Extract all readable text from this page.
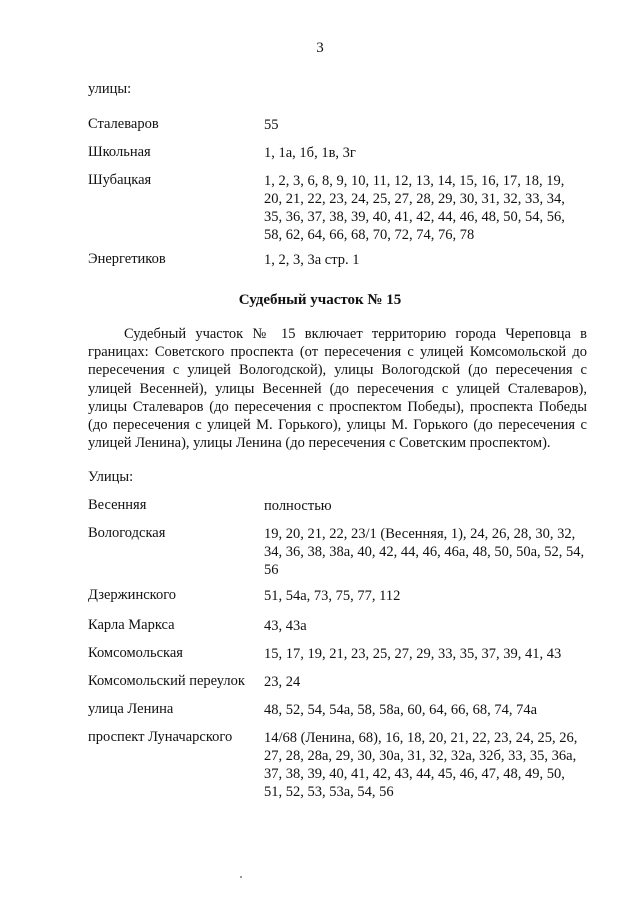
3
улицы:
Сталеваров	55
Школьная	1, 1а, 1б, 1в, 3г
Шубацкая	1, 2, 3, 6, 8, 9, 10, 11, 12, 13, 14, 15, 16, 17, 18, 19, 20, 21, 22, 23, 24, 25, 27, 28, 29, 30, 31, 32, 33, 34, 35, 36, 37, 38, 39, 40, 41, 42, 44, 46, 48, 50, 54, 56, 58, 62, 64, 66, 68, 70, 72, 74, 76, 78
Энергетиков	1, 2, 3, 3а стр. 1
Судебный участок № 15
Судебный участок № 15 включает территорию города Череповца в границах: Советского проспекта (от пересечения с улицей Комсомольской до пересечения с улицей Вологодской), улицы Вологодской (до пересечения с улицей Весенней), улицы Весенней (до пересечения с улицей Сталеваров), улицы Сталеваров (до пересечения с проспектом Победы), проспекта Победы (до пересечения с улицей М. Горького), улицы М. Горького (до пересечения с улицей Ленина), улицы Ленина (до пересечения с Советским проспектом).
Улицы:
Весенняя	полностью
Вологодская	19, 20, 21, 22, 23/1 (Весенняя, 1), 24, 26, 28, 30, 32, 34, 36, 38, 38а, 40, 42, 44, 46, 46а, 48, 50, 50а, 52, 54, 56
Дзержинского	51, 54а, 73, 75, 77, 112
Карла Маркса	43, 43а
Комсомольская	15, 17, 19, 21, 23, 25, 27, 29, 33, 35, 37, 39, 41, 43
Комсомольский переулок 23, 24
улица Ленина	48, 52, 54, 54а, 58, 58а, 60, 64, 66, 68, 74, 74а
проспект Луначарского 14/68 (Ленина, 68), 16, 18, 20, 21, 22, 23, 24, 25, 26, 27, 28, 28а, 29, 30, 30а, 31, 32, 32а, 32б, 33, 35, 36а, 37, 38, 39, 40, 41, 42, 43, 44, 45, 46, 47, 48, 49, 50, 51, 52, 53, 53а, 54, 56
